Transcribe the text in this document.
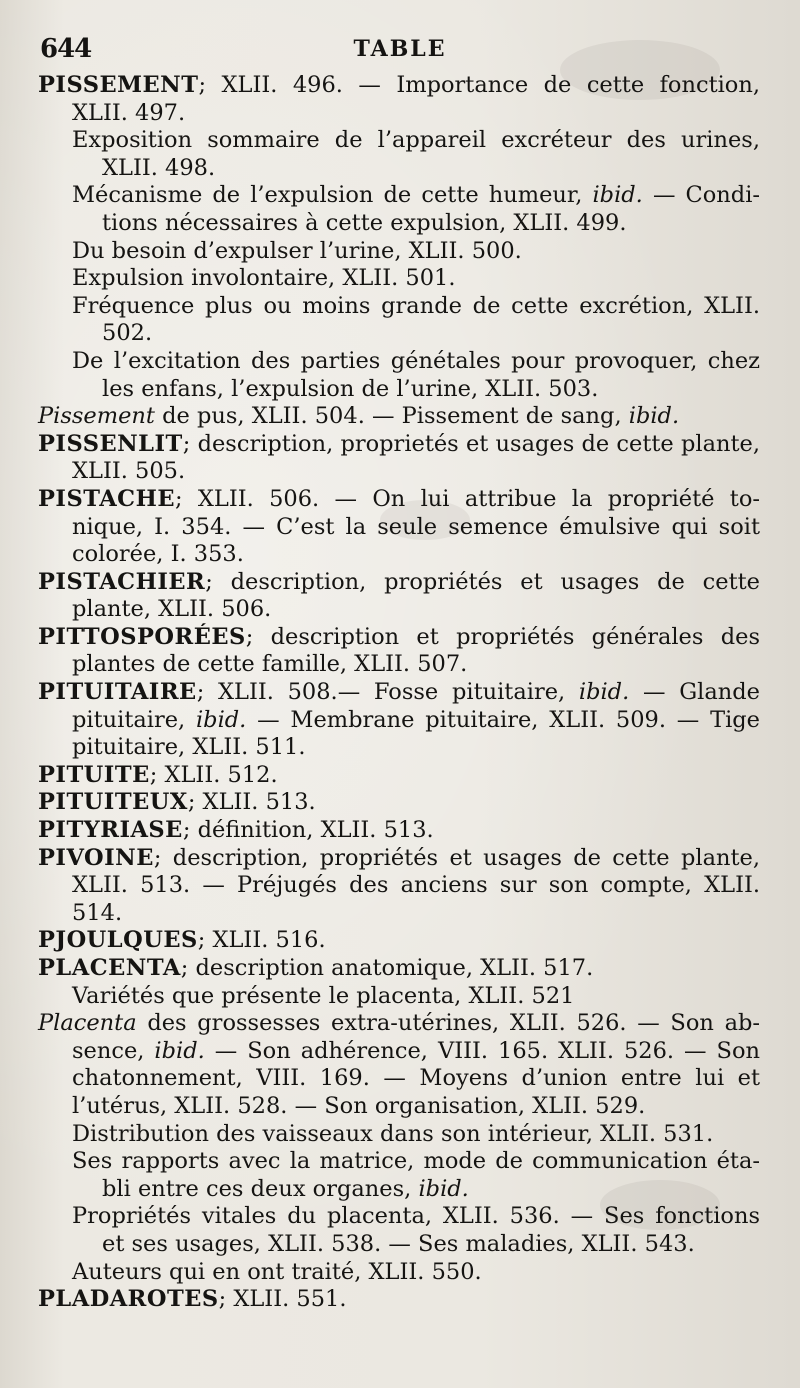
644	TABLE
PISSEMENT; XLII. 496. — Importance de cette fonction,
XLII. 497.
Exposition sommaire de l’appareil excréteur des urines,
XLII. 498.
Mécanisme de l’expulsion de cette humeur, ibid. — Condi-
tions nécessaires à cette expulsion, XLII. 499.
Du besoin d’expulser l’urine, XLII. 500.
Expulsion involontaire, XLII. 501.
Fréquence plus ou moins grande de cette excrétion, XLII.
502.
De l’excitation des parties génétales pour provoquer, chez
les enfans, l’expulsion de l’urine, XLII. 503.
Pissement de pus, XLII. 504. — Pissement de sang, ibid.
PISSENLIT; description, proprietés et usages de cette plante,
XLII. 505.
PISTACHE; XLII. 506. — On lui attribue la propriété to-
nique, I. 354. — C’est la seule semence émulsive qui soit
colorée, I. 353.
PISTACHIER; description, propriétés et usages de cette
plante, XLII. 506.
PITTOSPORÉES; description et propriétés générales des
plantes de cette famille, XLII. 507.
PITUITAIRE; XLII. 508.— Fosse pituitaire, ibid. — Glande
pituitaire, ibid. — Membrane pituitaire, XLII. 509. — Tige
pituitaire, XLII. 511.
PITUITE; XLII. 512.
PITUITEUX; XLII. 513.
PITYRIASE; définition, XLII. 513.
PIVOINE; description, propriétés et usages de cette plante,
XLII. 513. — Préjugés des anciens sur son compte, XLII.
514.
PJOULQUES; XLII. 516.
PLACENTA; description anatomique, XLII. 517.
Variétés que présente le placenta, XLII. 521
Placenta des grossesses extra-utérines, XLII. 526. — Son ab-
sence, ibid. — Son adhérence, VIII. 165. XLII. 526. — Son
chatonnement, VIII. 169. — Moyens d’union entre lui et
l’utérus, XLII. 528. — Son organisation, XLII. 529.
Distribution des vaisseaux dans son intérieur, XLII. 531.
Ses rapports avec la matrice, mode de communication éta-
bli entre ces deux organes, ibid.
Propriétés vitales du placenta, XLII. 536. — Ses fonctions
et ses usages, XLII. 538. — Ses maladies, XLII. 543.
Auteurs qui en ont traité, XLII. 550.
PLADAROTES; XLII. 551.
